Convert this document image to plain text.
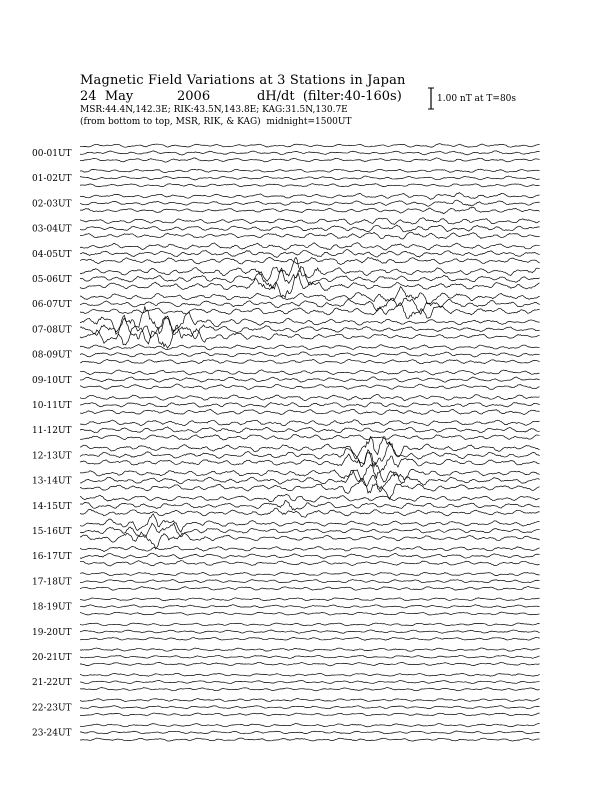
Magnetic Field Variations at 3 Stations in Japan
24 May	2006	dH/dt (filter:40-160s)
MSR:44.4N,142.3E; RIK:43.5N,143.8E; KAG:31.5N,130.7E
(from bottom to top, MSR, RIK, & KAG) midnight=1500UT
1.00 nT at T=80s
00-01UT
01-02UT
02-03UT
03-04UT
04-05UT
05-06UT
06-07UT
07-08UT
08-09UT
09-10UT
10-11UT
11-12UT
12-13UT
13-14UT
14-15UT
15-16UT
16-17UT
17-18UT
18-19UT
19-20UT
20-21UT
21-22UT
22-23UT
23-24UT
